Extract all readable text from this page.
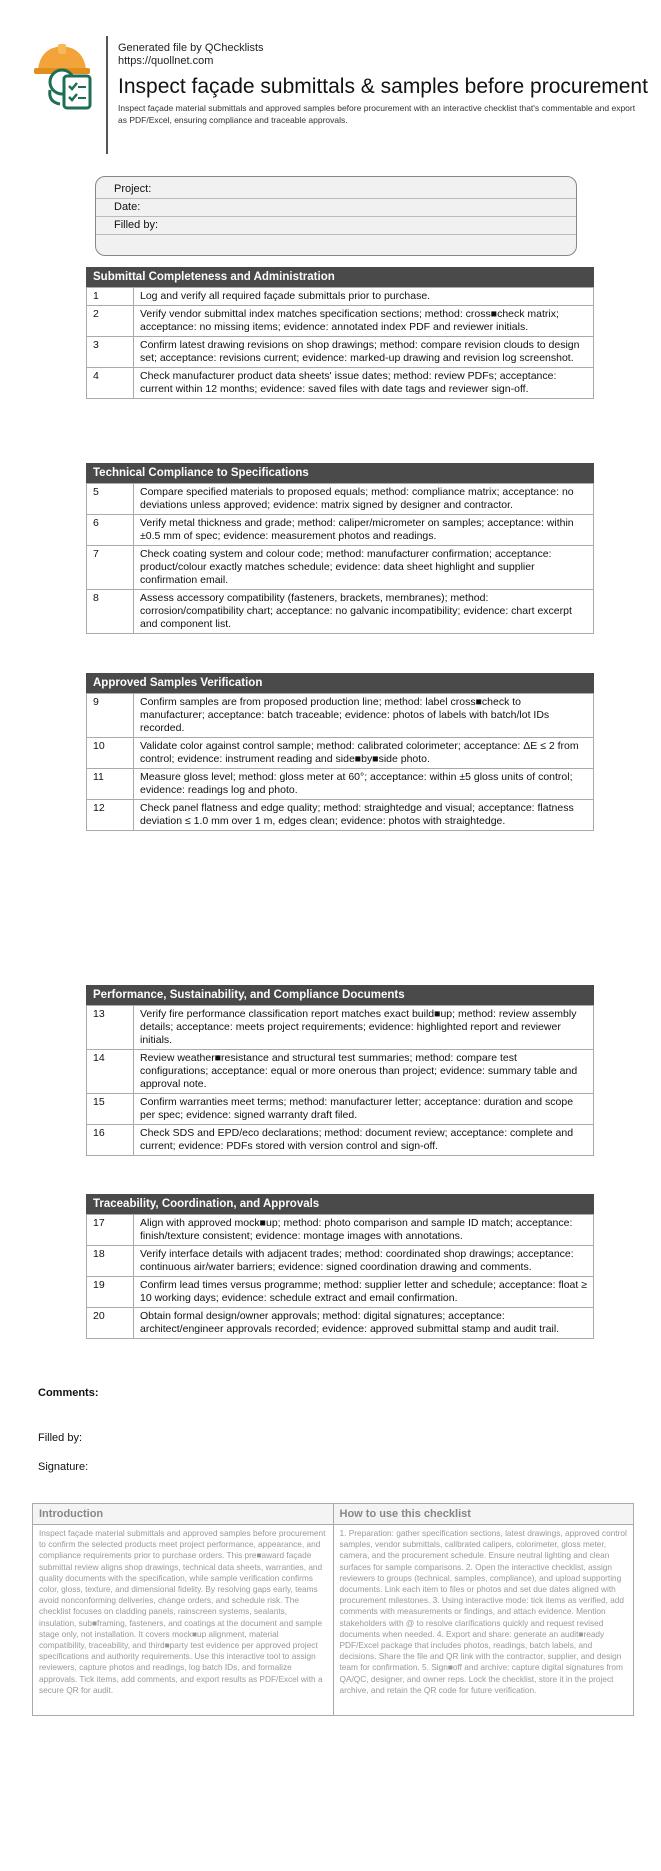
Generated file by QChecklists
https://quollnet.com
Inspect façade submittals & samples before procurement
Inspect façade material submittals and approved samples before procurement with an interactive checklist that's commentable and export as PDF/Excel, ensuring compliance and traceable approvals.
Project:
Date:
Filled by:
Submittal Completeness and Administration
1	Log and verify all required façade submittals prior to purchase.
2	Verify vendor submittal index matches specification sections; method: cross■check matrix; acceptance: no missing items; evidence: annotated index PDF and reviewer initials.
3	Confirm latest drawing revisions on shop drawings; method: compare revision clouds to design set; acceptance: revisions current; evidence: marked-up drawing and revision log screenshot.
4	Check manufacturer product data sheets' issue dates; method: review PDFs; acceptance: current within 12 months; evidence: saved files with date tags and reviewer sign-off.
Technical Compliance to Specifications
5	Compare specified materials to proposed equals; method: compliance matrix; acceptance: no deviations unless approved; evidence: matrix signed by designer and contractor.
6	Verify metal thickness and grade; method: caliper/micrometer on samples; acceptance: within ±0.5 mm of spec; evidence: measurement photos and readings.
7	Check coating system and colour code; method: manufacturer confirmation; acceptance: product/colour exactly matches schedule; evidence: data sheet highlight and supplier confirmation email.
8	Assess accessory compatibility (fasteners, brackets, membranes); method: corrosion/compatibility chart; acceptance: no galvanic incompatibility; evidence: chart excerpt and component list.
Approved Samples Verification
9	Confirm samples are from proposed production line; method: label cross■check to manufacturer; acceptance: batch traceable; evidence: photos of labels with batch/lot IDs recorded.
10	Validate color against control sample; method: calibrated colorimeter; acceptance: ΔE ≤ 2 from control; evidence: instrument reading and side■by■side photo.
11	Measure gloss level; method: gloss meter at 60°; acceptance: within ±5 gloss units of control; evidence: readings log and photo.
12	Check panel flatness and edge quality; method: straightedge and visual; acceptance: flatness deviation ≤ 1.0 mm over 1 m, edges clean; evidence: photos with straightedge.
Performance, Sustainability, and Compliance Documents
13	Verify fire performance classification report matches exact build■up; method: review assembly details; acceptance: meets project requirements; evidence: highlighted report and reviewer initials.
14	Review weather■resistance and structural test summaries; method: compare test configurations; acceptance: equal or more onerous than project; evidence: summary table and approval note.
15	Confirm warranties meet terms; method: manufacturer letter; acceptance: duration and scope per spec; evidence: signed warranty draft filed.
16	Check SDS and EPD/eco declarations; method: document review; acceptance: complete and current; evidence: PDFs stored with version control and sign-off.
Traceability, Coordination, and Approvals
17	Align with approved mock■up; method: photo comparison and sample ID match; acceptance: finish/texture consistent; evidence: montage images with annotations.
18	Verify interface details with adjacent trades; method: coordinated shop drawings; acceptance: continuous air/water barriers; evidence: signed coordination drawing and comments.
19	Confirm lead times versus programme; method: supplier letter and schedule; acceptance: float ≥ 10 working days; evidence: schedule extract and email confirmation.
20	Obtain formal design/owner approvals; method: digital signatures; acceptance: architect/engineer approvals recorded; evidence: approved submittal stamp and audit trail.
Comments:
Filled by:
Signature:
Introduction
Inspect façade material submittals and approved samples before procurement to confirm the selected products meet project performance, appearance, and compliance requirements prior to purchase orders. This pre■award façade submittal review aligns shop drawings, technical data sheets, warranties, and quality documents with the specification, while sample verification confirms color, gloss, texture, and dimensional fidelity. By resolving gaps early, teams avoid nonconforming deliveries, change orders, and schedule risk. The checklist focuses on cladding panels, rainscreen systems, sealants, insulation, sub■framing, fasteners, and coatings at the document and sample stage only, not installation. It covers mock■up alignment, material compatibility, traceability, and third■party test evidence per approved project specifications and authority requirements. Use this interactive tool to assign reviewers, capture photos and readings, log batch IDs, and formalize approvals. Tick items, add comments, and export results as PDF/Excel with a secure QR for audit.
How to use this checklist
1. Preparation: gather specification sections, latest drawings, approved control samples, vendor submittals, calibrated calipers, colorimeter, gloss meter, camera, and the procurement schedule. Ensure neutral lighting and clean surfaces for sample comparisons. 2. Open the interactive checklist, assign reviewers to groups (technical, samples, compliance), and upload supporting documents. Link each item to files or photos and set due dates aligned with procurement milestones. 3. Using interactive mode: tick items as verified, add comments with measurements or findings, and attach evidence. Mention stakeholders with @ to resolve clarifications quickly and request revised documents when needed. 4. Export and share: generate an audit■ready PDF/Excel package that includes photos, readings, batch labels, and decisions. Share the file and QR link with the contractor, supplier, and design team for confirmation. 5. Sign■off and archive: capture digital signatures from QA/QC, designer, and owner reps. Lock the checklist, store it in the project archive, and retain the QR code for future verification.
